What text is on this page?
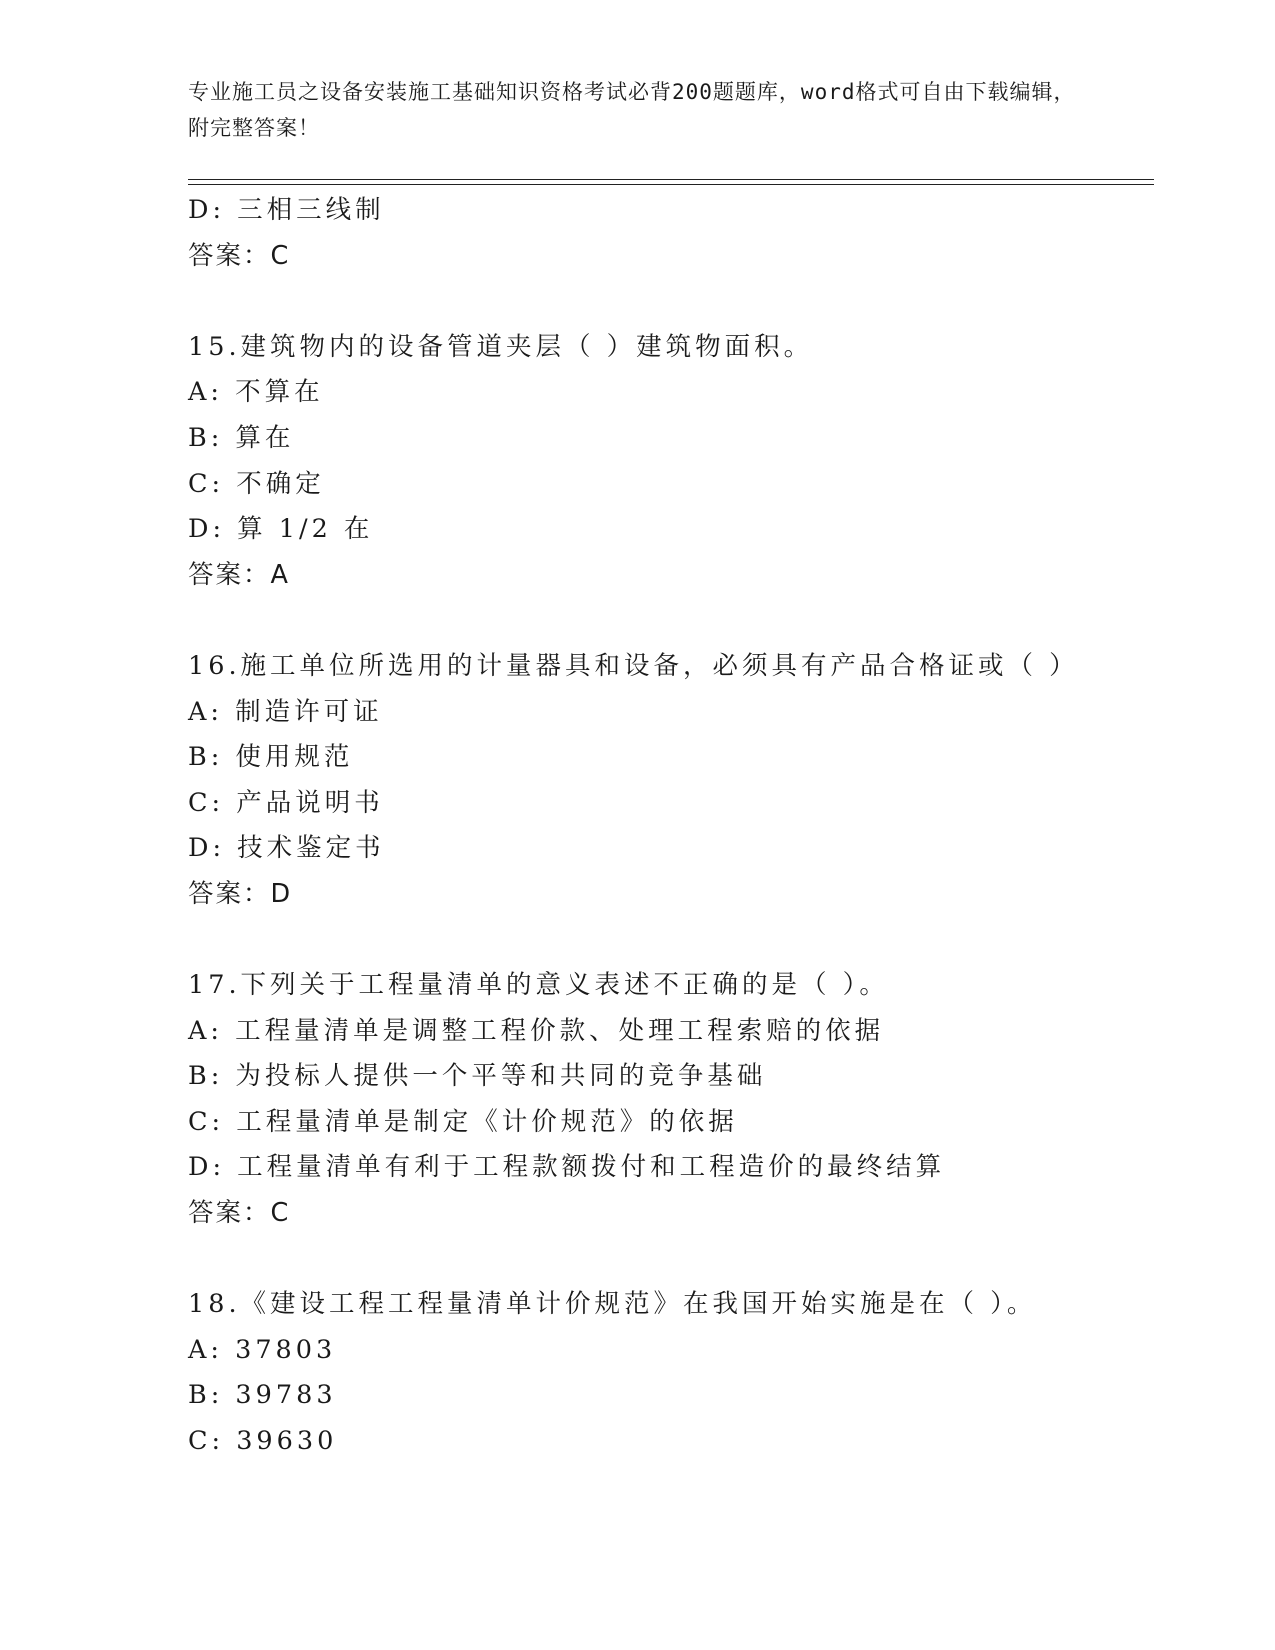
专业施工员之设备安装施工基础知识资格考试必背200题题库，word格式可自由下载编辑，附完整答案！
D: 三相三线制
答案：C
15.建筑物内的设备管道夹层（ ）建筑物面积。
A: 不算在
B: 算在
C: 不确定
D: 算 1/2 在
答案：A
16.施工单位所选用的计量器具和设备，必须具有产品合格证或（ ）
A: 制造许可证
B: 使用规范
C: 产品说明书
D: 技术鉴定书
答案：D
17.下列关于工程量清单的意义表述不正确的是（ ）。
A: 工程量清单是调整工程价款、处理工程索赔的依据
B: 为投标人提供一个平等和共同的竞争基础
C: 工程量清单是制定《计价规范》的依据
D: 工程量清单有利于工程款额拨付和工程造价的最终结算
答案：C
18.《建设工程工程量清单计价规范》在我国开始实施是在（ ）。
A: 37803
B: 39783
C: 39630
